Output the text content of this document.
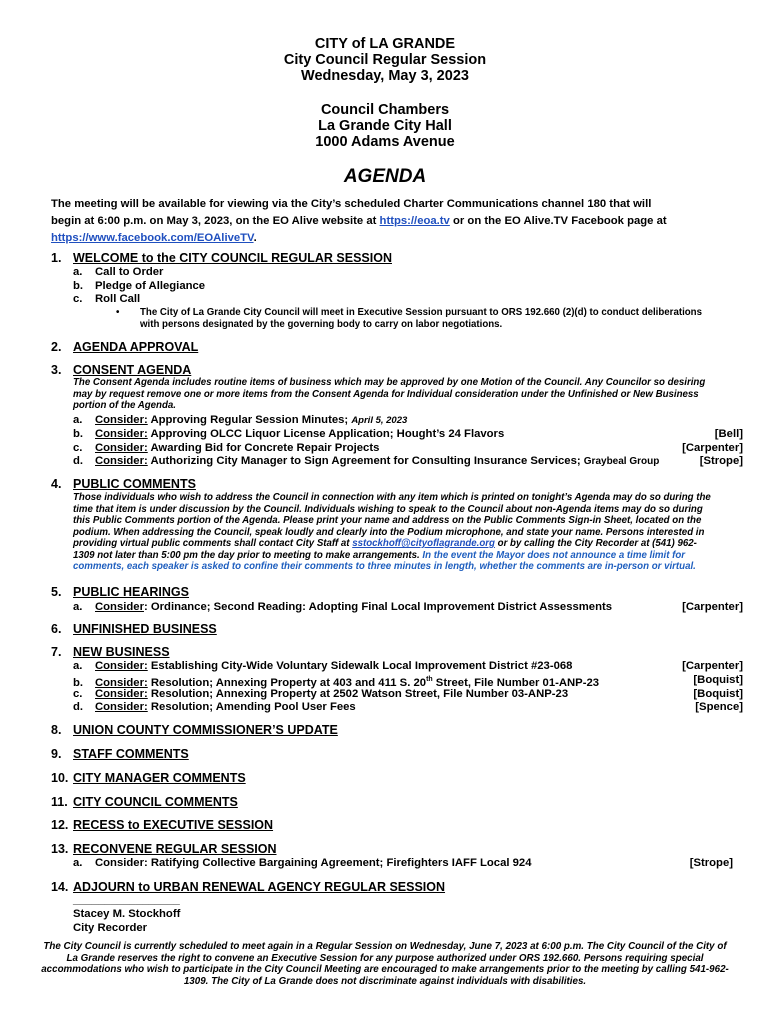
CITY of LA GRANDE
City Council Regular Session
Wednesday, May 3, 2023
Council Chambers
La Grande City Hall
1000 Adams Avenue
AGENDA
The meeting will be available for viewing via the City’s scheduled Charter Communications channel 180 that will
begin at 6:00 p.m. on May 3, 2023, on the EO Alive website at https://eoa.tv or on the EO Alive.TV Facebook page at
https://www.facebook.com/EOAliveTV.
1. WELCOME to the CITY COUNCIL REGULAR SESSION
a. Call to Order
b. Pledge of Allegiance
c. Roll Call
•	The City of La Grande City Council will meet in Executive Session pursuant to ORS 192.660 (2)(d) to conduct deliberations
with persons designated by the governing body to carry on labor negotiations.
2. AGENDA APPROVAL
3. CONSENT AGENDA
The Consent Agenda includes routine items of business which may be approved by one Motion of the Council. Any Councilor so desiring
may by request remove one or more items from the Consent Agenda for Individual consideration under the Unfinished or New Business
portion of the Agenda.
a. Consider: Approving Regular Session Minutes; April 5, 2023
b. Consider: Approving OLCC Liquor License Application; Hought’s 24 Flavors	[Bell]
c. Consider: Awarding Bid for Concrete Repair Projects	[Carpenter]
d. Consider: Authorizing City Manager to Sign Agreement for Consulting Insurance Services; Graybeal Group	[Strope]
4. PUBLIC COMMENTS
Those individuals who wish to address the Council in connection with any item which is printed on tonight’s Agenda may do so during the
time that item is under discussion by the Council. Individuals wishing to speak to the Council about non-Agenda items may do so during
this Public Comments portion of the Agenda. Please print your name and address on the Public Comments Sign-in Sheet, located on the
podium. When addressing the Council, speak loudly and clearly into the Podium microphone, and state your name. Persons interested in
providing virtual public comments shall contact City Staff at sstockhoff@cityoflagrande.org or by calling the City Recorder at (541) 962-
1309 not later than 5:00 pm the day prior to meeting to make arrangements. In the event the Mayor does not announce a time limit for
comments, each speaker is asked to confine their comments to three minutes in length, whether the comments are in-person or virtual.
5. PUBLIC HEARINGS
a. Consider: Ordinance; Second Reading: Adopting Final Local Improvement District Assessments	[Carpenter]
6. UNFINISHED BUSINESS
7. NEW BUSINESS
a. Consider: Establishing City-Wide Voluntary Sidewalk Local Improvement District #23-068	[Carpenter]
b. Consider: Resolution; Annexing Property at 403 and 411 S. 20th Street, File Number 01-ANP-23	[Boquist]
c. Consider: Resolution; Annexing Property at 2502 Watson Street, File Number 03-ANP-23	[Boquist]
d. Consider: Resolution; Amending Pool User Fees	[Spence]
8. UNION COUNTY COMMISSIONER’S UPDATE
9. STAFF COMMENTS
10. CITY MANAGER COMMENTS
11. CITY COUNCIL COMMENTS
12. RECESS to EXECUTIVE SESSION
13. RECONVENE REGULAR SESSION
a. Consider: Ratifying Collective Bargaining Agreement; Firefighters IAFF Local 924	[Strope]
14. ADJOURN to URBAN RENEWAL AGENCY REGULAR SESSION
_________________
Stacey M. Stockhoff
City Recorder
The City Council is currently scheduled to meet again in a Regular Session on Wednesday, June 7, 2023 at 6:00 p.m. The City Council of the City of
La Grande reserves the right to convene an Executive Session for any purpose authorized under ORS 192.660. Persons requiring special
accommodations who wish to participate in the City Council Meeting are encouraged to make arrangements prior to the meeting by calling 541-962-
1309. The City of La Grande does not discriminate against individuals with disabilities.
